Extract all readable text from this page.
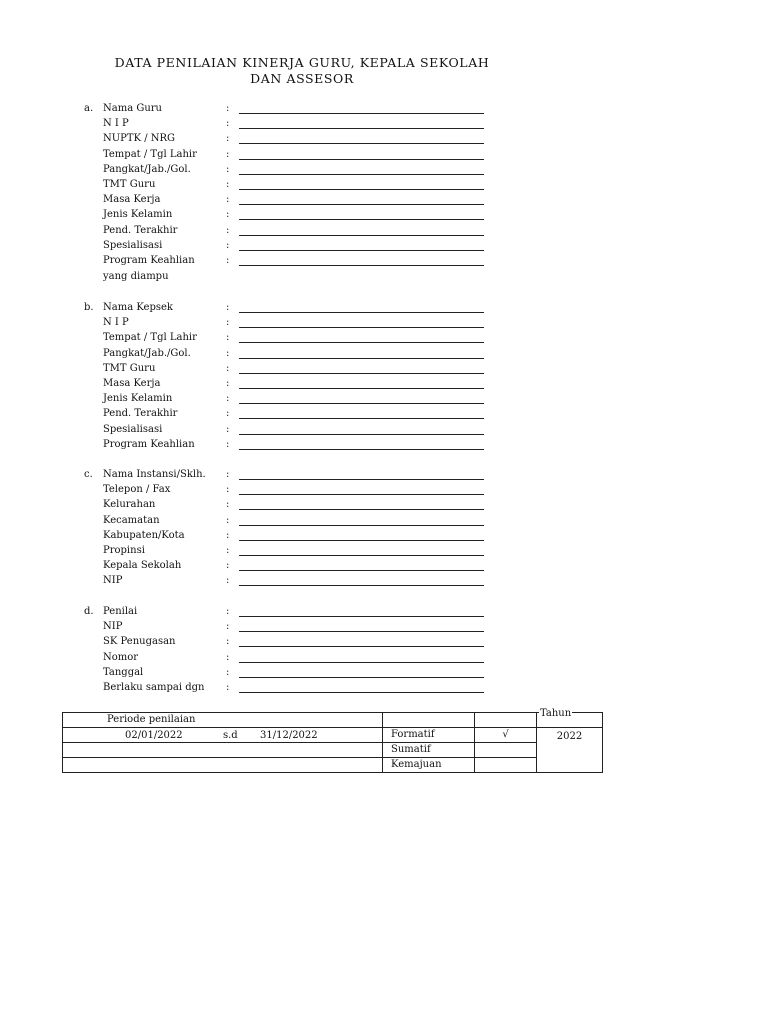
DATA PENILAIAN KINERJA GURU, KEPALA SEKOLAH
DAN ASSESOR
a. Nama Guru	:
N I P	:
NUPTK / NRG	:
Tempat / Tgl Lahir	:
Pangkat/Jab./Gol.	:
TMT Guru	:
Masa Kerja	:
Jenis Kelamin	:
Pend. Terakhir	:
Spesialisasi	:
Program Keahlian	:
yang diampu
b. Nama Kepsek	:
N I P	:
Tempat / Tgl Lahir	:
Pangkat/Jab./Gol.	:
TMT Guru	:
Masa Kerja	:
Jenis Kelamin	:
Pend. Terakhir	:
Spesialisasi	:
Program Keahlian	:
c. Nama Instansi/Sklh. :
Telepon / Fax	:
Kelurahan	:
Kecamatan	:
Kabupaten/Kota	:
Propinsi	:
Kepala Sekolah	:
NIP	:
d. Penilai	:
NIP	:
SK Penugasan	:
Nomor	:
Tanggal	:
Berlaku sampai dgn :
Periode penilaian			Tahun

02/01/2022 s.d 31/12/2022	Formatif	√	2022
	Sumatif		
	Kemajuan		
